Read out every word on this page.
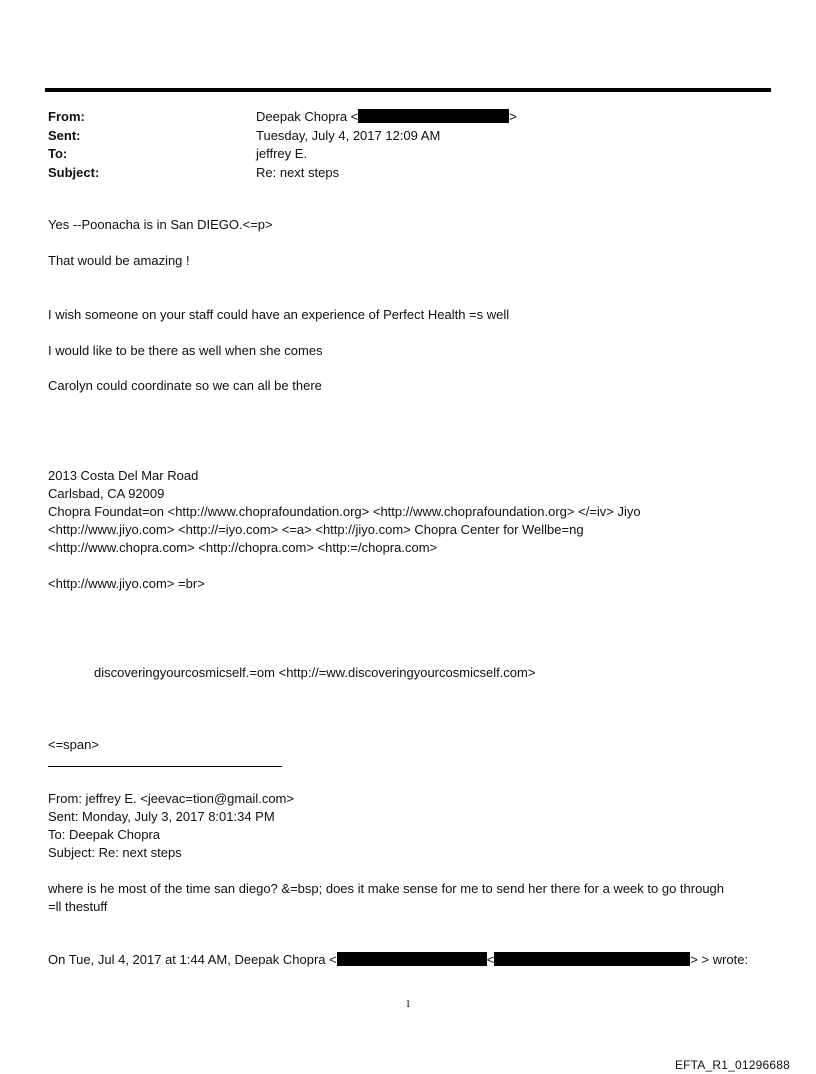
From:	Deepak Chopra <	>
Sent:	Tuesday, July 4, 2017 12:09 AM
To:	jeffrey E.
Subject:	Re: next steps
Yes --Poonacha is in San DIEGO.<=p>
That would be amazing !
I wish someone on your staff could have an experience of Perfect Health =s well
I would like to be there as well when she comes
Carolyn could coordinate so we can all be there
2013 Costa Del Mar Road
Carlsbad, CA 92009
Chopra Foundat=on <http://www.choprafoundation.org> <http://www.choprafoundation.org> </=iv> Jiyo
<http://www.jiyo.com> <http://=iyo.com> <=a> <http://jiyo.com> Chopra Center for Wellbe=ng
<http://www.chopra.com> <http://chopra.com> <http:=/chopra.com>
<http://www.jiyo.com> =br>
discoveringyourcosmicself.=om <http://=ww.discoveringyourcosmicself.com>
<=span>
From: jeffrey E. <jeevac=tion@gmail.com>
Sent: Monday, July 3, 2017 8:01:34 PM
To: Deepak Chopra
Subject: Re: next steps
where is he most of the time san diego? &=bsp; does it make sense for me to send her there for a week to go through
=ll thestuff
On Tue, Jul 4, 2017 at 1:44 AM, Deepak Chopra <	<	> > wrote:
1
EFTA_R1_01296688
